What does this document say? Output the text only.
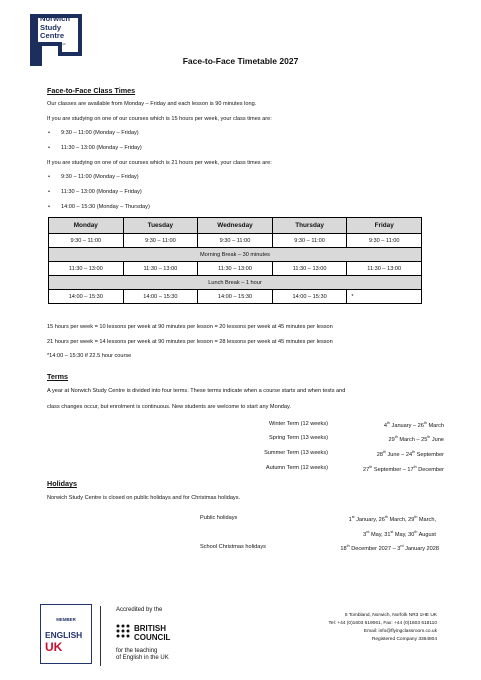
Norwich
Study
Centre
English for the world
Face-to-Face Timetable 2027
Face-to-Face Class Times
Our classes are available from Monday – Friday and each lesson is 90 minutes long.
If you are studying on one of our courses which is 15 hours per week, your class times are:
• 9:30 – 11:00 (Monday – Friday)
• 11:30 – 13:00 (Monday – Friday)
If you are studying on one of our courses which is 21 hours per week, your class times are:
• 9:30 – 11:00 (Monday – Friday)
• 11:30 – 13:00 (Monday – Friday)
• 14:00 – 15:30 (Monday – Thursday)
Monday	Tuesday	Wednesday	Thursday	Friday
9:30 – 11:00	9:30 – 11:00	9:30 – 11:00	9:30 – 11:00	9:30 – 11:00
Morning Break – 30 minutes				
11:30 – 13:00	11:30 – 13:00	11:30 – 13:00	11:30 – 13:00	11:30 – 13:00
Lunch Break – 1 hour				
14:00 – 15:30	14:00 – 15:30	14:00 – 15:30	14:00 – 15:30	*
15 hours per week = 10 lessons per week at 90 minutes per lesson = 20 lessons per week at 45 minutes per lesson
21 hours per week = 14 lessons per week at 90 minutes per lesson = 28 lessons per week at 45 minutes per lesson
*14:00 – 15:30 if 22.5 hour course
Terms
A year at Norwich Study Centre is divided into four terms. These terms indicate when a course starts and when tests and
class changes occur, but enrolment is continuous. New students are welcome to start any Monday.
Winter Term (12 weeks)	4th January – 26th March
Spring Term (13 weeks)	29th March – 25th June
Summer Term (13 weeks)	28th June – 24th September
Autumn Term (12 weeks)	27th September – 17th December
Holidays
Norwich Study Centre is closed on public holidays and for Christmas holidays.
Public holidays	1st January, 26th March, 29th March,
3rd May, 31st May, 30th August
School Christmas holidays	18th December 2027 – 3rd January 2028
MEMBER
ENGLISH
UK
Accredited by the
BRITISH
COUNCIL
for the teaching
of English in the UK
5 Tombland, Norwich, Norfolk NR3 1HE UK
Tel: +44 (0)1603 619061, Fax: +44 (0)1603 618110
Email: info@flyingclassroom.co.uk
Registered Company 3364804
